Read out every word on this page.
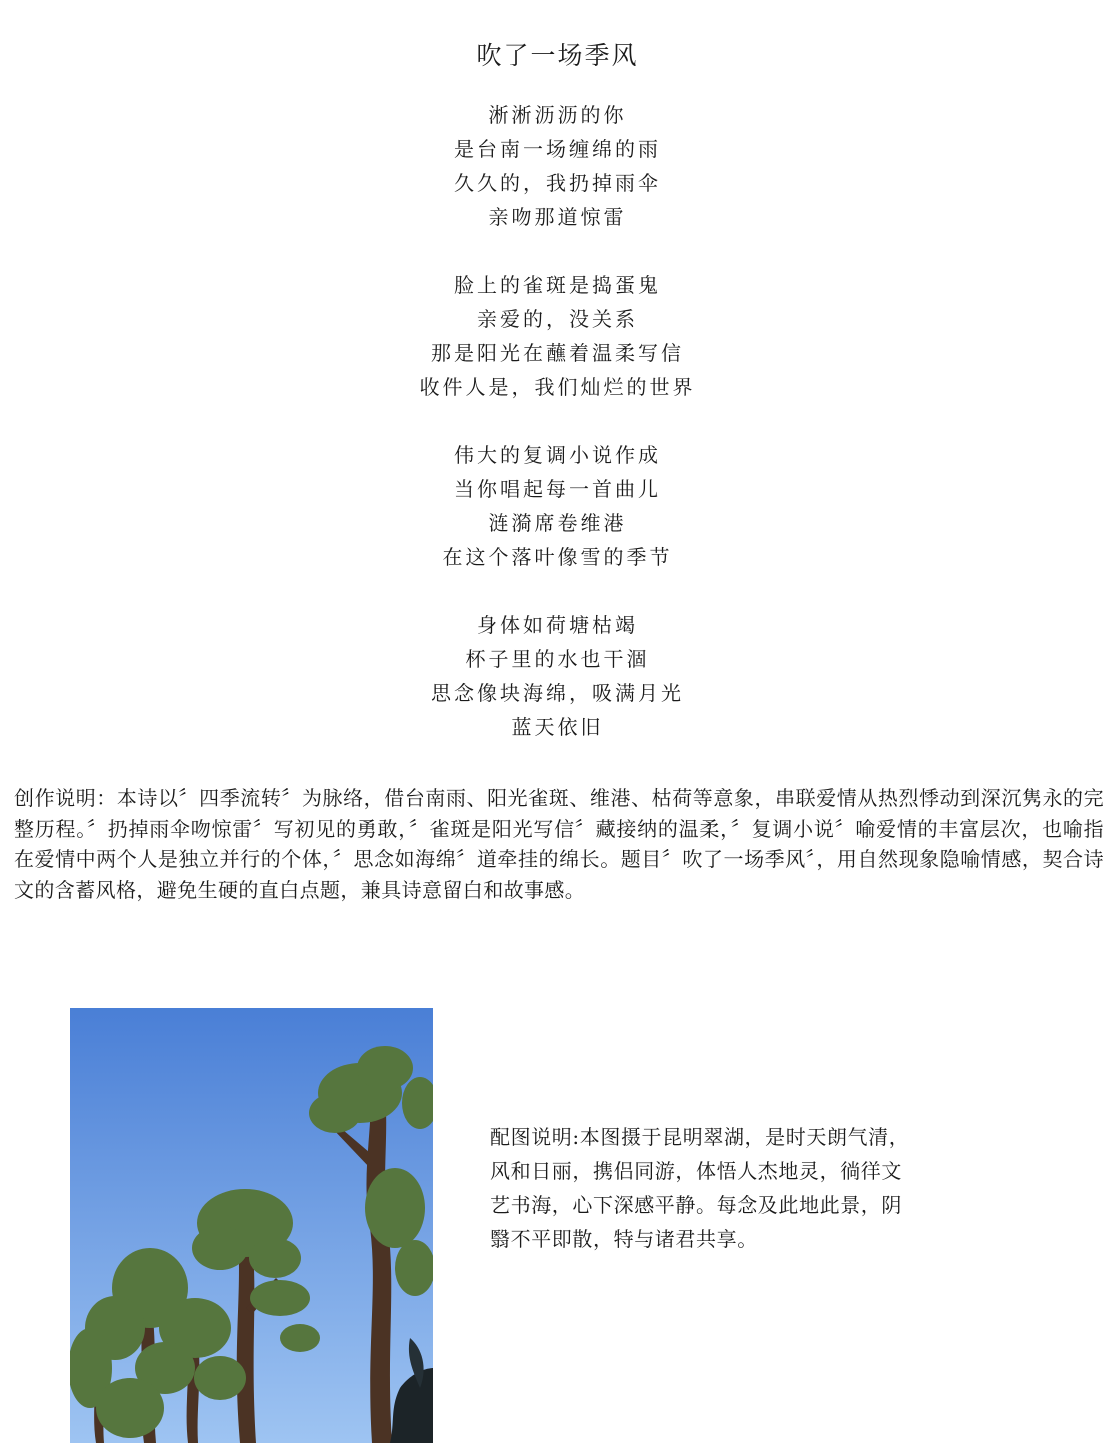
吹了一场季风
淅淅沥沥的你
是台南一场缠绵的雨
久久的，我扔掉雨伞
亲吻那道惊雷
脸上的雀斑是捣蛋鬼
亲爱的，没关系
那是阳光在蘸着温柔写信
收件人是，我们灿烂的世界
伟大的复调小说作成
当你唱起每一首曲儿
涟漪席卷维港
在这个落叶像雪的季节
身体如荷塘枯竭
杯子里的水也干涸
思念像块海绵，吸满月光
蓝天依旧

创作说明：本诗以〞四季流转〞为脉络，借台南雨、阳光雀斑、维港、枯荷等意象，串联爱情从热烈悸动到深沉隽永的完整历程。〞扔掉雨伞吻惊雷〞写初见的勇敢，〞雀斑是阳光写信〞藏接纳的温柔，〞复调小说〞喻爱情的丰富层次，也喻指在爱情中两个人是独立并行的个体，〞思念如海绵〞道牵挂的绵长。题目〞吹了一场季风〞，用自然现象隐喻情感，契合诗文的含蓄风格，避免生硬的直白点题，兼具诗意留白和故事感。

配图说明:本图摄于昆明翠湖，是时天朗气清，风和日丽，携侣同游，体悟人杰地灵，徜徉文艺书海，心下深感平静。每念及此地此景，阴翳不平即散，特与诸君共享。
